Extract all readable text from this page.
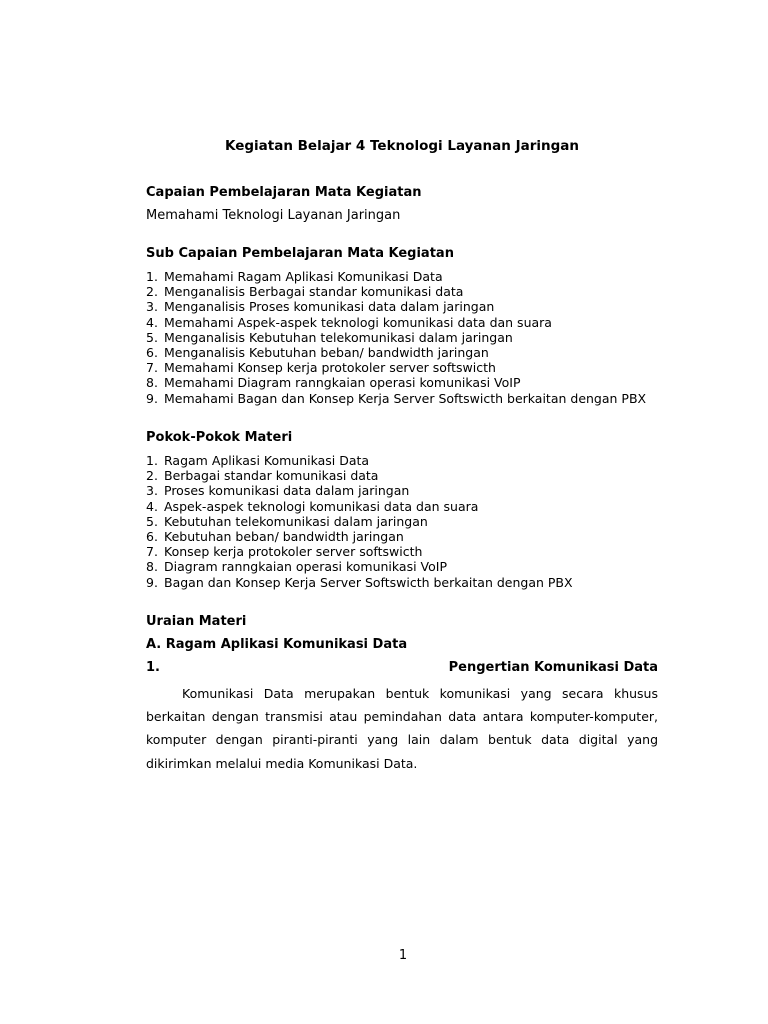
Kegiatan Belajar 4 Teknologi Layanan Jaringan
Capaian Pembelajaran Mata Kegiatan

Memahami Teknologi Layanan Jaringan

Sub Capaian Pembelajaran Mata Kegiatan
1. Memahami Ragam Aplikasi Komunikasi Data
2. Menganalisis Berbagai standar komunikasi data
3. Menganalisis Proses komunikasi data dalam jaringan
4. Memahami Aspek-aspek teknologi komunikasi data dan suara
5. Menganalisis Kebutuhan telekomunikasi dalam jaringan
6. Menganalisis Kebutuhan beban/ bandwidth jaringan
7. Memahami Konsep kerja protokoler server softswicth
8. Memahami Diagram ranngkaian operasi komunikasi VoIP
9. Memahami Bagan dan Konsep Kerja Server Softswicth berkaitan dengan PBX
Pokok-Pokok Materi
1. Ragam Aplikasi Komunikasi Data
2. Berbagai standar komunikasi data
3. Proses komunikasi data dalam jaringan
4. Aspek-aspek teknologi komunikasi data dan suara
5. Kebutuhan telekomunikasi dalam jaringan
6. Kebutuhan beban/ bandwidth jaringan
7. Konsep kerja protokoler server softswicth
8. Diagram ranngkaian operasi komunikasi VoIP
9. Bagan dan Konsep Kerja Server Softswicth berkaitan dengan PBX
Uraian Materi
A. Ragam Aplikasi Komunikasi Data
1.	Pengertian Komunikasi Data

Komunikasi Data merupakan bentuk komunikasi yang secara khusus berkaitan dengan transmisi atau pemindahan data antara komputer-komputer, komputer dengan piranti-piranti yang lain dalam bentuk data digital yang dikirimkan melalui media Komunikasi Data.

1
